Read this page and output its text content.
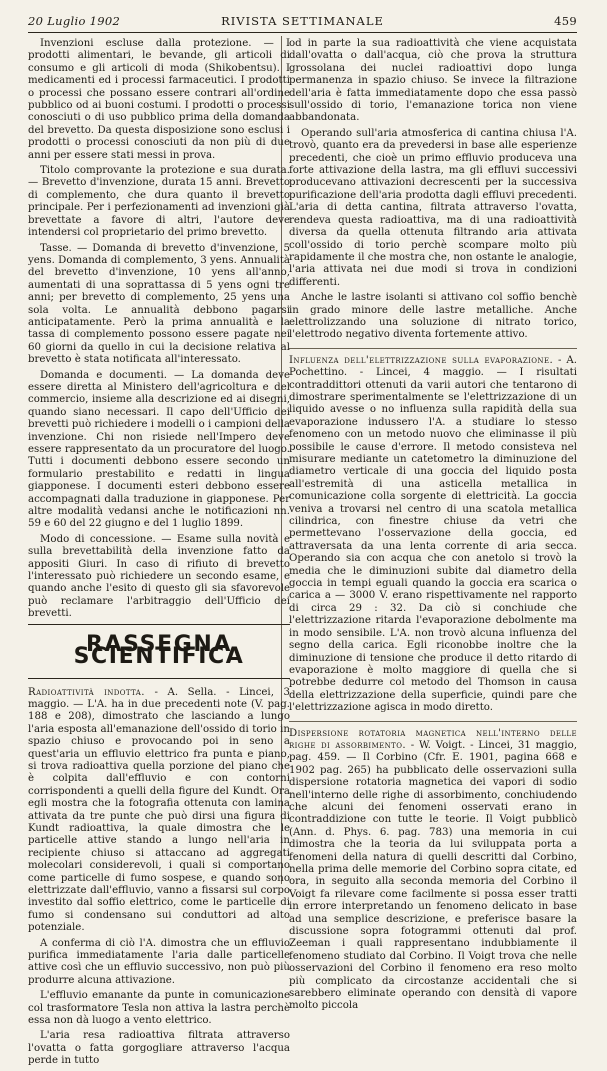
20 Luglio 1902	RIVISTA SETTIMANALE	459

Invenzioni escluse dalla protezione. — I prodotti alimentari, le bevande, gli articoli di consumo e gli articoli di moda (Shikobentsu). I medicamenti ed i processi farmaceutici. I prodotti o processi che possano essere contrari all'ordine pubblico od ai buoni costumi. I prodotti o processi conosciuti o di uso pubblico prima della domanda del brevetto. Da questa disposizione sono esclusi i prodotti o processi conosciuti da non più di due anni per essere stati messi in prova.

Titolo comprovante la protezione e sua durata. — Brevetto d'invenzione, durata 15 anni. Brevetto di complemento, che dura quanto il brevetto principale. Per i perfezionamenti ad invenzioni già brevettate a favore di altri, l'autore deve intendersi col proprietario del primo brevetto.

Tasse. — Domanda di brevetto d'invenzione, 5 yens. Domanda di complemento, 3 yens. Annualità del brevetto d'invenzione, 10 yens all'anno, aumentati di una soprattassa di 5 yens ogni tre anni; per brevetto di complemento, 25 yens una sola volta. Le annualità debbono pagarsi anticipatamente. Però la prima annualità e la tassa di complemento possono essere pagate nei 60 giorni da quello in cui la decisione relativa al brevetto è stata notificata all'interessato.

Domanda e documenti. — La domanda deve essere diretta al Ministero dell'agricoltura e del commercio, insieme alla descrizione ed ai disegni, quando siano necessari. Il capo dell'Ufficio dei brevetti può richiedere i modelli o i campioni della invenzione. Chi non risiede nell'Impero deve essere rappresentato da un procuratore del luogo. Tutti i documenti debbono essere secondo un formulario prestabilito e redatti in lingua giapponese. I documenti esteri debbono essere accompagnati dalla traduzione in giapponese. Per altre modalità vedansi anche le notificazioni nn. 59 e 60 del 22 giugno e del 1 luglio 1899.

Modo di concessione. — Esame sulla novità e sulla brevettabilità della invenzione fatto da appositi Giuri. In caso di rifiuto di brevetto l'interessato può richiedere un secondo esame, e quando anche l'esito di questo gli sia sfavorevole può reclamare l'arbitraggio dell'Ufficio dei brevetti.

RASSEGNA SCIENTIFICA

Radioattività indotta. - A. Sella. - Lincei, 3 maggio. — L'A. ha in due precedenti note (V. pag. 188 e 208), dimostrato che lasciando a lungo l'aria esposta all'emanazione dell'ossido di torio in spazio chiuso e provocando poi in seno a quest'aria un effluvio elettrico fra punta e piano, si trova radioattiva quella porzione del piano che è colpita dall'effluvio e con contorni corrispondenti a quelli della figure del Kundt. Ora egli mostra che la fotografia ottenuta con lamina attivata da tre punte che può dirsi una figura di Kundt radioattiva, la quale dimostra che le particelle attive stando a lungo nell'aria in recipiente chiuso si attaccano ad aggregati molecolari considerevoli, i quali si comportano come particelle di fumo sospese, e quando sono elettrizzate dall'effluvio, vanno a fissarsi sul corpo investito dal soffio elettrico, come le particelle di fumo si condensano sui conduttori ad alto potenziale.

A conferma di ciò l'A. dimostra che un effluvio purifica immediatamente l'aria dalle particelle attive così che un effluvio successivo, non può più produrre alcuna attivazione.

L'effluvio emanante da punte in comunicazione col trasformatore Tesla non attiva la lastra perchè essa non dà luogo a vento elettrico.

L'aria resa radioattiva filtrata attraverso l'ovatta o fatta gorgogliare attraverso l'acqua perde in tutto

od in parte la sua radioattività che viene acquistata dall'ovatta o dall'acqua, ciò che prova la struttura grossolana dei nuclei radioattivi dopo lunga permanenza in spazio chiuso. Se invece la filtrazione dell'aria è fatta immediatamente dopo che essa passò sull'ossido di torio, l'emanazione torica non viene abbandonata.

Operando sull'aria atmosferica di cantina chiusa l'A. trovò, quanto era da prevedersi in base alle esperienze precedenti, che cioè un primo effluvio produceva una forte attivazione della lastra, ma gli effluvi successivi producevano attivazioni decrescenti per la successiva purificazione dell'aria prodotta dagli effluvi precedenti. L'aria di detta cantina, filtrata attraverso l'ovatta, rendeva questa radioattiva, ma di una radioattività diversa da quella ottenuta filtrando aria attivata coll'ossido di torio perchè scompare molto più rapidamente il che mostra che, non ostante le analogie, l'aria attivata nei due modi si trova in condizioni differenti.

Anche le lastre isolanti si attivano col soffio benchè in grado minore delle lastre metalliche. Anche elettrolizzando una soluzione di nitrato torico, l'elettrodo negativo diventa fortemente attivo.

Influenza dell'elettrizzazione sulla evaporazione. - A. Pochettino. - Lincei, 4 maggio. — I risultati contraddittori ottenuti da varii autori che tentarono di dimostrare sperimentalmente se l'elettrizzazione di un liquido avesse o no influenza sulla rapidità della sua evaporazione indussero l'A. a studiare lo stesso fenomeno con un metodo nuovo che eliminasse il più possibile le cause d'errore. Il metodo consisteva nel misurare mediante un catetometro la diminuzione del diametro verticale di una goccia del liquido posta all'estremità di una asticella metallica in comunicazione colla sorgente di elettricità. La goccia veniva a trovarsi nel centro di una scatola metallica cilindrica, con finestre chiuse da vetri che permettevano l'osservazione della goccia, ed attraversata da una lenta corrente di aria secca. Operando sia con acqua che con anetolo si trovò la media che le diminuzioni subite dal diametro della goccia in tempi eguali quando la goccia era scarica o carica a — 3000 V. erano rispettivamente nel rapporto di circa 29 : 32. Da ciò si conchiude che l'elettrizzazione ritarda l'evaporazione debolmente ma in modo sensibile. L'A. non trovò alcuna influenza del segno della carica. Egli riconobbe inoltre che la diminuzione di tensione che produce il detto ritardo di evaporazione è molto maggiore di quella che si potrebbe dedurre col metodo del Thomson in causa della elettrizzazione della superficie, quindi pare che l'elettrizzazione agisca in modo diretto.

Dispersione rotatoria magnetica nell'interno delle righe di assorbimento. - W. Voigt. - Lincei, 31 maggio, pag. 459. — Il Corbino (Cfr. E. 1901, pagina 668 e 1902 pag. 265) ha pubblicato delle osservazioni sulla dispersione rotatoria magnetica dei vapori di sodio nell'interno delle righe di assorbimento, conchiudendo che alcuni dei fenomeni osservati erano in contraddizione con tutte le teorie. Il Voigt pubblicò (Ann. d. Phys. 6. pag. 783) una memoria in cui dimostra che la teoria da lui sviluppata porta a fenomeni della natura di quelli descritti dal Corbino, nella prima delle memorie del Corbino sopra citate, ed ora, in seguito alla seconda memoria del Corbino il Voigt fa rilevare come facilmente si possa esser tratti in errore interpretando un fenomeno delicato in base ad una semplice descrizione, e preferisce basare la discussione sopra fotogrammi ottenuti dal prof. Zeeman i quali rappresentano indubbiamente il fenomeno studiato dal Corbino. Il Voigt trova che nelle osservazioni del Corbino il fenomeno era reso molto più complicato da circostanze accidentali che si sarebbero eliminate operando con densità di vapore molto piccola
